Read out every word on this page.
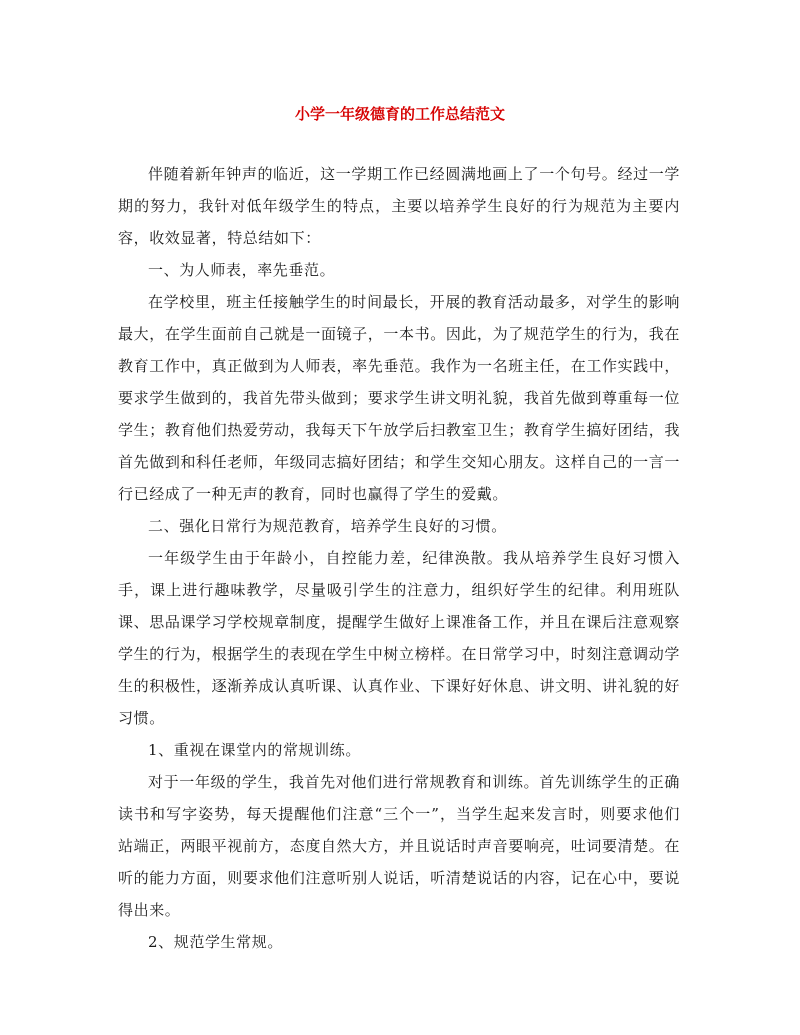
小学一年级德育的工作总结范文

伴随着新年钟声的临近，这一学期工作已经圆满地画上了一个句号。经过一学期的努力，我针对低年级学生的特点，主要以培养学生良好的行为规范为主要内容，收效显著，特总结如下：

一、为人师表，率先垂范。

在学校里，班主任接触学生的时间最长，开展的教育活动最多，对学生的影响最大，在学生面前自己就是一面镜子，一本书。因此，为了规范学生的行为，我在教育工作中，真正做到为人师表，率先垂范。我作为一名班主任，在工作实践中，要求学生做到的，我首先带头做到；要求学生讲文明礼貌，我首先做到尊重每一位学生；教育他们热爱劳动，我每天下午放学后扫教室卫生；教育学生搞好团结，我首先做到和科任老师，年级同志搞好团结；和学生交知心朋友。这样自己的一言一行已经成了一种无声的教育，同时也赢得了学生的爱戴。

二、强化日常行为规范教育，培养学生良好的习惯。

一年级学生由于年龄小，自控能力差，纪律涣散。我从培养学生良好习惯入手，课上进行趣味教学，尽量吸引学生的注意力，组织好学生的纪律。利用班队课、思品课学习学校规章制度，提醒学生做好上课准备工作，并且在课后注意观察学生的行为，根据学生的表现在学生中树立榜样。在日常学习中，时刻注意调动学生的积极性，逐渐养成认真听课、认真作业、下课好好休息、讲文明、讲礼貌的好习惯。

1、重视在课堂内的常规训练。

对于一年级的学生，我首先对他们进行常规教育和训练。首先训练学生的正确读书和写字姿势，每天提醒他们注意“三个一”，当学生起来发言时，则要求他们站端正，两眼平视前方，态度自然大方，并且说话时声音要响亮，吐词要清楚。在听的能力方面，则要求他们注意听别人说话，听清楚说话的内容，记在心中，要说得出来。

2、规范学生常规。
